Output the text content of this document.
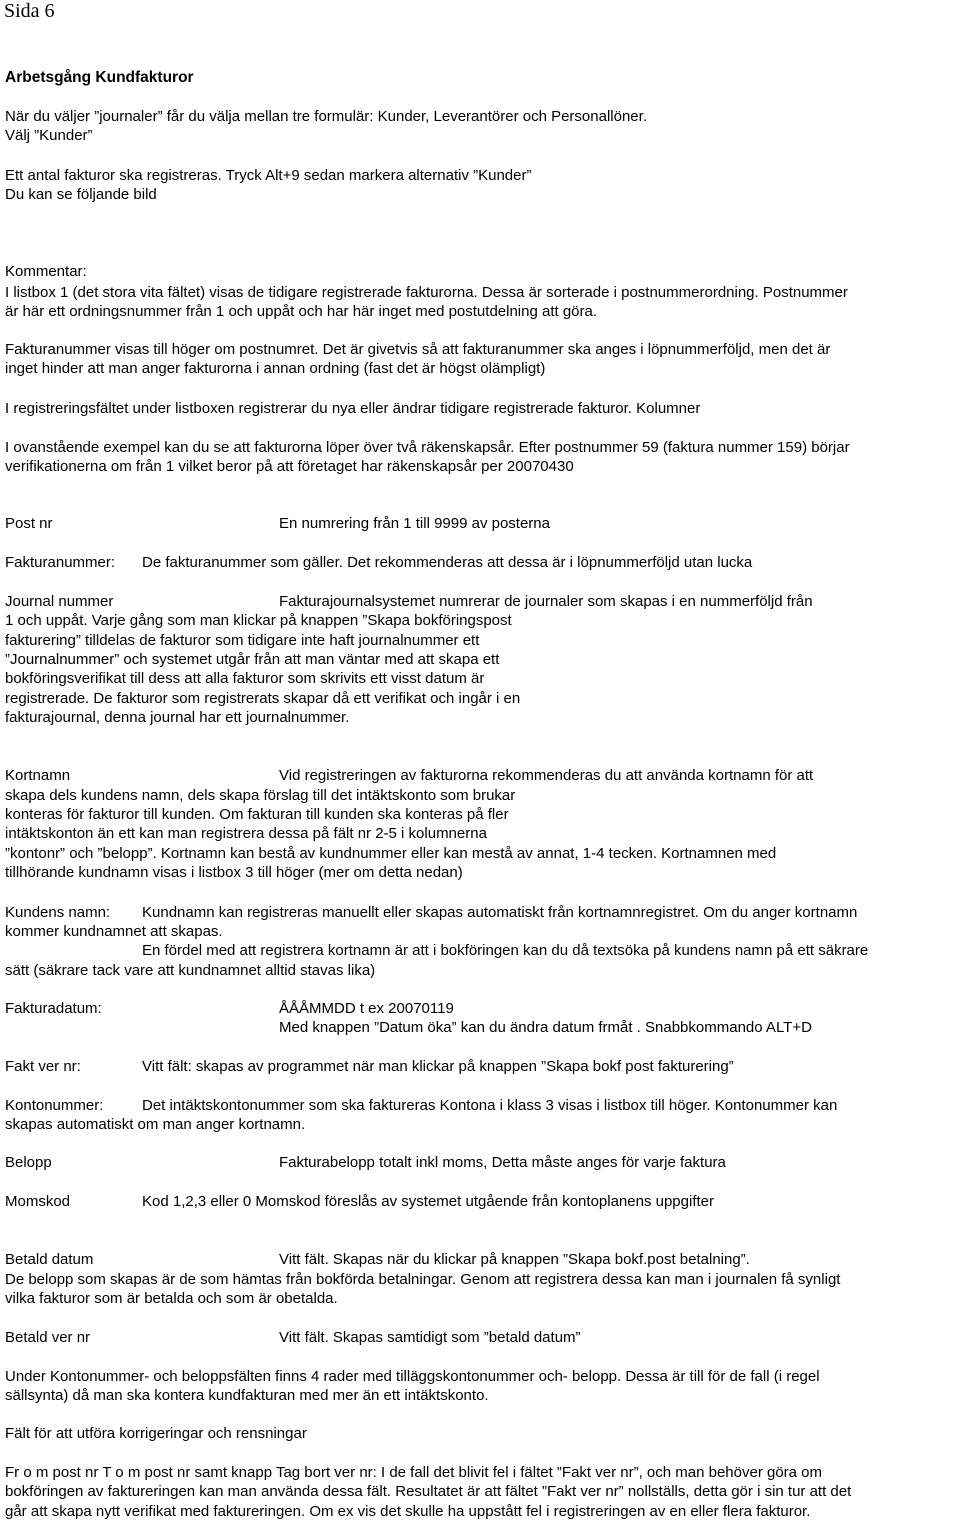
Sida 6
Arbetsgång Kundfakturor
När du väljer ”journaler” får du välja mellan tre formulär: Kunder, Leverantörer och Personallöner.
Välj ”Kunder”
Ett antal fakturor ska registreras. Tryck Alt+9 sedan markera alternativ ”Kunder”
Du kan se följande bild
Kommentar:
I listbox 1 (det stora vita fältet) visas de tidigare registrerade fakturorna. Dessa är sorterade i postnummerordning. Postnummer
är här ett ordningsnummer från 1 och uppåt och har här inget med postutdelning att göra.
Fakturanummer visas till höger om postnumret. Det är givetvis så att fakturanummer ska anges i löpnummerföljd, men det är
inget hinder att man anger fakturorna i annan ordning (fast det är högst olämpligt)
I registreringsfältet under listboxen registrerar du nya eller ändrar tidigare registrerade fakturor. Kolumner
I ovanstående exempel kan du se att fakturorna löper över två räkenskapsår. Efter postnummer 59 (faktura nummer 159) börjar
verifikationerna om från 1 vilket beror på att företaget har räkenskapsår per 20070430
Post nr	En numrering från 1 till 9999 av posterna
Fakturanummer: De fakturanummer som gäller. Det rekommenderas att dessa är i löpnummerföljd utan lucka
Journal nummer	Fakturajournalsystemet numrerar de journaler som skapas i en nummerföljd från
1 och uppåt. Varje gång som man klickar på knappen ”Skapa bokföringspost
fakturering” tilldelas de fakturor som tidigare inte haft journalnummer ett
”Journalnummer” och systemet utgår från att man väntar med att skapa ett
bokföringsverifikat till dess att alla fakturor som skrivits ett visst datum är
registrerade. De fakturor som registrerats skapar då ett verifikat och ingår i en
fakturajournal, denna journal har ett journalnummer.
Kortnamn	Vid registreringen av fakturorna rekommenderas du att använda kortnamn för att
skapa dels kundens namn, dels skapa förslag till det intäktskonto som brukar
konteras för fakturor till kunden. Om fakturan till kunden ska konteras på fler
intäktskonton än ett kan man registrera dessa på fält nr 2-5 i kolumnerna
”kontonr” och ”belopp”. Kortnamn kan bestå av kundnummer eller kan mestå av annat, 1-4 tecken. Kortnamnen med
tillhörande kundnamn visas i listbox 3 till höger (mer om detta nedan)
Kundens namn: Kundnamn kan registreras manuellt eller skapas automatiskt från kortnamnregistret. Om du anger kortnamn
kommer kundnamnet att skapas.
En fördel med att registrera kortnamn är att i bokföringen kan du då textsöka på kundens namn på ett säkrare
sätt (säkrare tack vare att kundnamnet alltid stavas lika)
Fakturadatum:	ÅÅÅMMDD t ex 20070119
Med knappen ”Datum öka” kan du ändra datum frmåt . Snabbkommando ALT+D
Fakt ver nr:	Vitt fält: skapas av programmet när man klickar på knappen ”Skapa bokf post fakturering”
Kontonummer:	Det intäktskontonummer som ska faktureras Kontona i klass 3 visas i listbox till höger. Kontonummer kan
skapas automatiskt om man anger kortnamn.
Belopp	Fakturabelopp totalt inkl moms, Detta måste anges för varje faktura
Momskod	Kod 1,2,3 eller 0 Momskod föreslås av systemet utgående från kontoplanens uppgifter
Betald datum	Vitt fält. Skapas när du klickar på knappen ”Skapa bokf.post betalning”.
De belopp som skapas är de som hämtas från bokförda betalningar. Genom att registrera dessa kan man i journalen få synligt
vilka fakturor som är betalda och som är obetalda.
Betald ver nr	Vitt fält. Skapas samtidigt som ”betald datum”
Under Kontonummer- och beloppsfälten finns 4 rader med tilläggskontonummer och- belopp. Dessa är till för de fall (i regel
sällsynta) då man ska kontera kundfakturan med mer än ett intäktskonto.
Fält för att utföra korrigeringar och rensningar
Fr o m post nr T o m post nr samt knapp Tag bort ver nr: I de fall det blivit fel i fältet ”Fakt ver nr”, och man behöver göra om
bokföringen av faktureringen kan man använda dessa fält. Resultatet är att fältet ”Fakt ver nr” nollställs, detta gör i sin tur att det
går att skapa nytt verifikat med faktureringen. Om ex vis det skulle ha uppstått fel i registreringen av en eller flera fakturor.
